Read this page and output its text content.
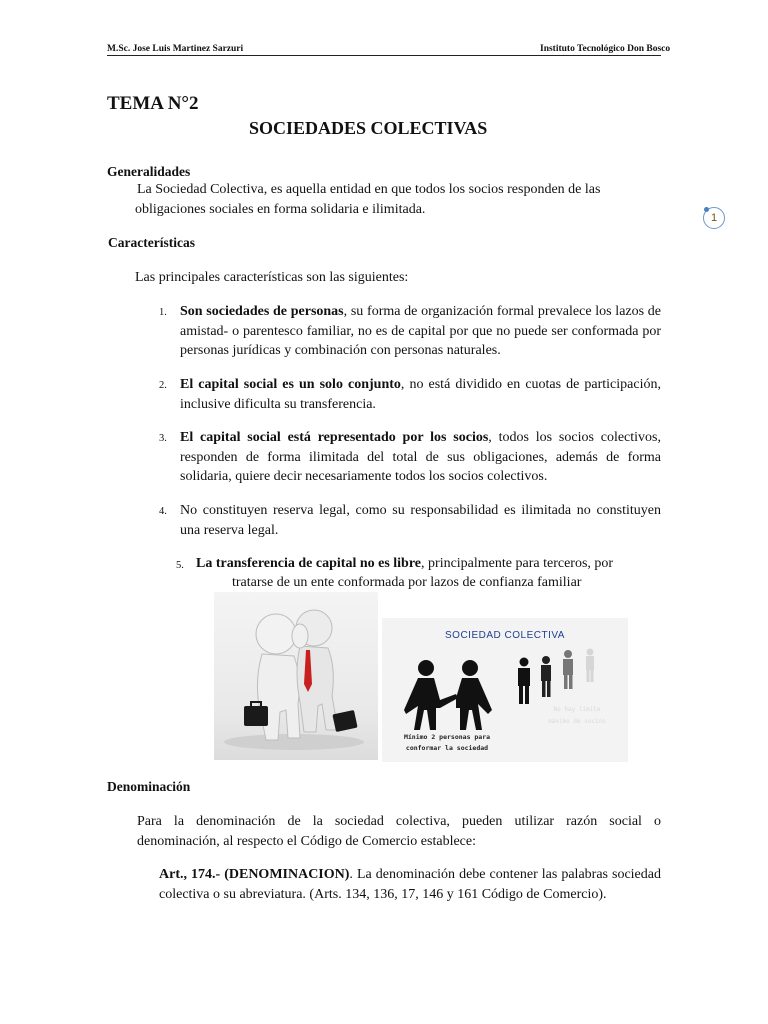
M.Sc. Jose Luis Martinez Sarzuri	Instituto Tecnológico Don Bosco
1
TEMA N°2
SOCIEDADES COLECTIVAS
Generalidades
La Sociedad Colectiva, es aquella entidad en que todos los socios responden de las
obligaciones sociales en forma solidaria e ilimitada.
Características
Las principales características son las siguientes:
1. Son sociedades de personas, su forma de organización formal prevalece los lazos de amistad- o parentesco familiar, no es de capital por que no puede ser conformada por personas jurídicas y combinación con personas naturales.
2. El capital social es un solo conjunto, no está dividido en cuotas de participación, inclusive dificulta su transferencia.
3. El capital social está representado por los socios, todos los socios colectivos, responden de forma ilimitada del total de sus obligaciones, además de forma solidaria, quiere decir necesariamente todos los socios colectivos.
4. No constituyen reserva legal, como su responsabilidad es ilimitada no constituyen una reserva legal.
5. La transferencia de capital no es libre, principalmente para terceros, por
tratarse de un ente conformada por lazos de confianza familiar
SOCIEDAD COLECTIVA
Mínimo 2 personas para
conformar la sociedad
No hay límite
máximo de socios
Denominación
Para la denominación de la sociedad colectiva, pueden utilizar razón social o
denominación, al respecto el Código de Comercio establece:
Art., 174.- (DENOMINACION). La denominación debe contener las palabras sociedad colectiva o su abreviatura. (Arts. 134, 136, 17, 146 y 161 Código de Comercio).
